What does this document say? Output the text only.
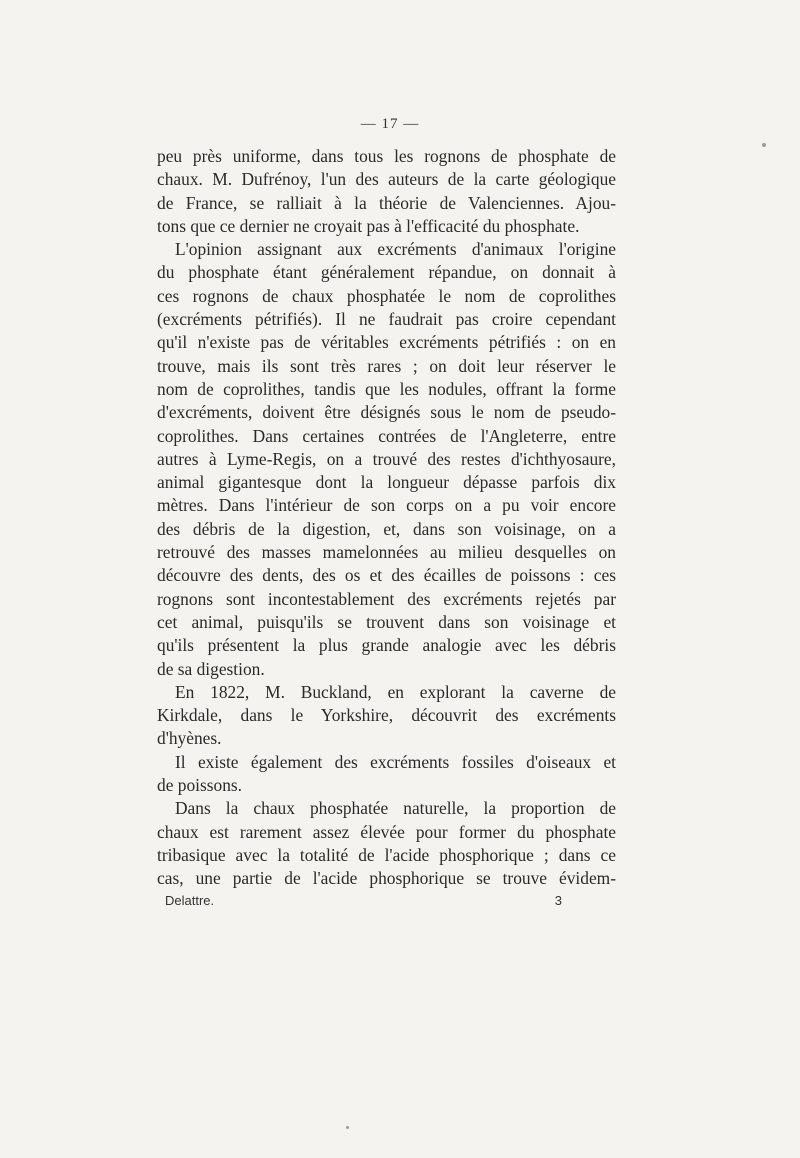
— 17 —

peu près uniforme, dans tous les rognons de phosphate de

chaux. M. Dufrénoy, l'un des auteurs de la carte géologique

de France, se ralliait à la théorie de Valenciennes. Ajou-

tons que ce dernier ne croyait pas à l'efficacité du phosphate.

L'opinion assignant aux excréments d'animaux l'origine

du phosphate étant généralement répandue, on donnait à

ces rognons de chaux phosphatée le nom de coprolithes

(excréments pétrifiés). Il ne faudrait pas croire cependant

qu'il n'existe pas de véritables excréments pétrifiés : on en

trouve, mais ils sont très rares ; on doit leur réserver le

nom de coprolithes, tandis que les nodules, offrant la forme

d'excréments, doivent être désignés sous le nom de pseudo-

coprolithes. Dans certaines contrées de l'Angleterre, entre

autres à Lyme-Regis, on a trouvé des restes d'ichthyosaure,

animal gigantesque dont la longueur dépasse parfois dix

mètres. Dans l'intérieur de son corps on a pu voir encore

des débris de la digestion, et, dans son voisinage, on a

retrouvé des masses mamelonnées au milieu desquelles on

découvre des dents, des os et des écailles de poissons : ces

rognons sont incontestablement des excréments rejetés par

cet animal, puisqu'ils se trouvent dans son voisinage et

qu'ils présentent la plus grande analogie avec les débris

de sa digestion.

En 1822, M. Buckland, en explorant la caverne de

Kirkdale, dans le Yorkshire, découvrit des excréments

d'hyènes.

Il existe également des excréments fossiles d'oiseaux et

de poissons.

Dans la chaux phosphatée naturelle, la proportion de

chaux est rarement assez élevée pour former du phosphate

tribasique avec la totalité de l'acide phosphorique ; dans ce

cas, une partie de l'acide phosphorique se trouve évidem-

Delattre.	3
